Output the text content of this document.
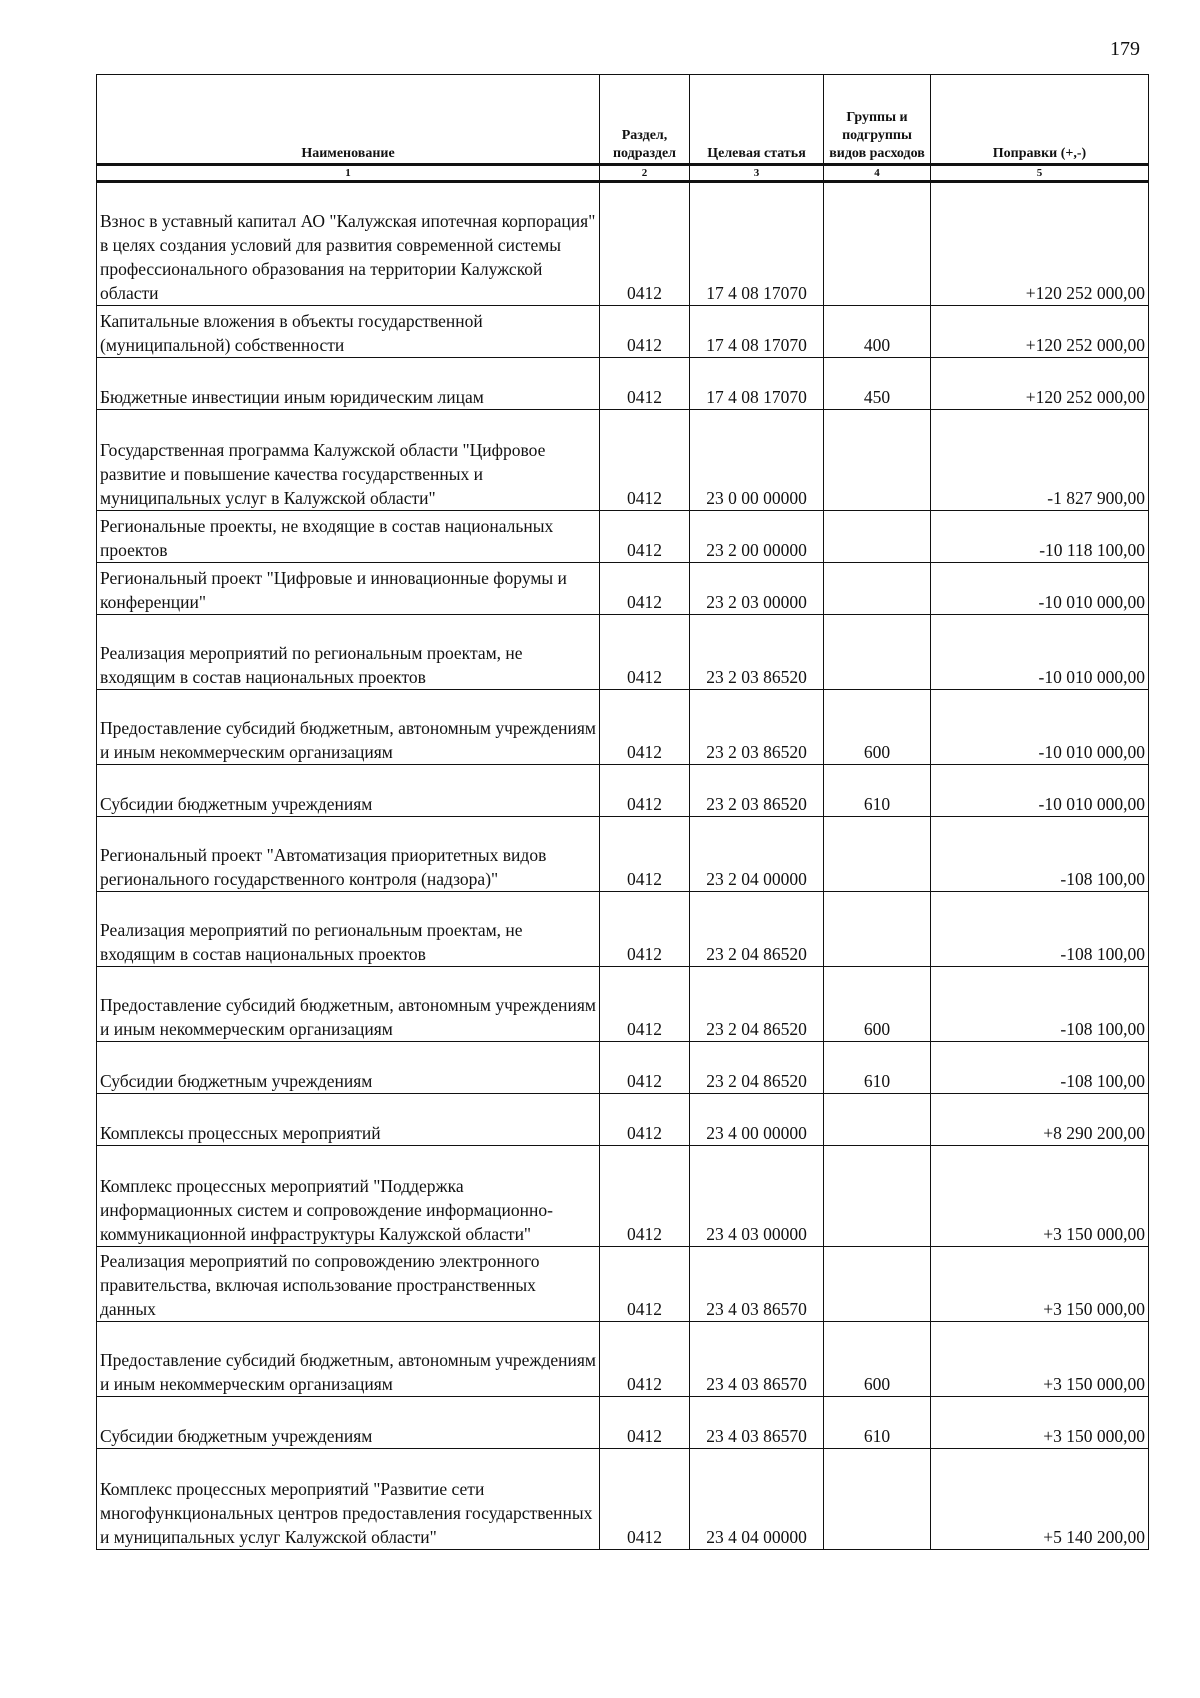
179
Наименование	Раздел, подраздел	Целевая статья	Группы и подгруппы видов расходов	Поправки (+,-)
1	2	3	4	5
Взнос в уставный капитал АО "Калужская ипотечная корпорация" в целях создания условий для развития современной системы профессионального образования на территории Калужской области	0412	17 4 08 17070		+120 252 000,00
Капитальные вложения в объекты государственной (муниципальной) собственности	0412	17 4 08 17070	400	+120 252 000,00
Бюджетные инвестиции иным юридическим лицам	0412	17 4 08 17070	450	+120 252 000,00
Государственная программа Калужской области "Цифровое развитие и повышение качества государственных и муниципальных услуг в Калужской области"	0412	23 0 00 00000		-1 827 900,00
Региональные проекты, не входящие в состав национальных проектов	0412	23 2 00 00000		-10 118 100,00
Региональный проект "Цифровые и инновационные форумы и конференции"	0412	23 2 03 00000		-10 010 000,00
Реализация мероприятий по региональным проектам, не входящим в состав национальных проектов	0412	23 2 03 86520		-10 010 000,00
Предоставление субсидий бюджетным, автономным учреждениям и иным некоммерческим организациям	0412	23 2 03 86520	600	-10 010 000,00
Субсидии бюджетным учреждениям	0412	23 2 03 86520	610	-10 010 000,00
Региональный проект "Автоматизация приоритетных видов регионального государственного контроля (надзора)"	0412	23 2 04 00000		-108 100,00
Реализация мероприятий по региональным проектам, не входящим в состав национальных проектов	0412	23 2 04 86520		-108 100,00
Предоставление субсидий бюджетным, автономным учреждениям и иным некоммерческим организациям	0412	23 2 04 86520	600	-108 100,00
Субсидии бюджетным учреждениям	0412	23 2 04 86520	610	-108 100,00
Комплексы процессных мероприятий	0412	23 4 00 00000		+8 290 200,00
Комплекс процессных мероприятий "Поддержка информационных систем и сопровождение информационно-коммуникационной инфраструктуры Калужской области"	0412	23 4 03 00000		+3 150 000,00
Реализация мероприятий по сопровождению электронного правительства, включая использование пространственных данных	0412	23 4 03 86570		+3 150 000,00
Предоставление субсидий бюджетным, автономным учреждениям и иным некоммерческим организациям	0412	23 4 03 86570	600	+3 150 000,00
Субсидии бюджетным учреждениям	0412	23 4 03 86570	610	+3 150 000,00
Комплекс процессных мероприятий "Развитие сети многофункциональных центров предоставления государственных и муниципальных услуг Калужской области"	0412	23 4 04 00000		+5 140 200,00
